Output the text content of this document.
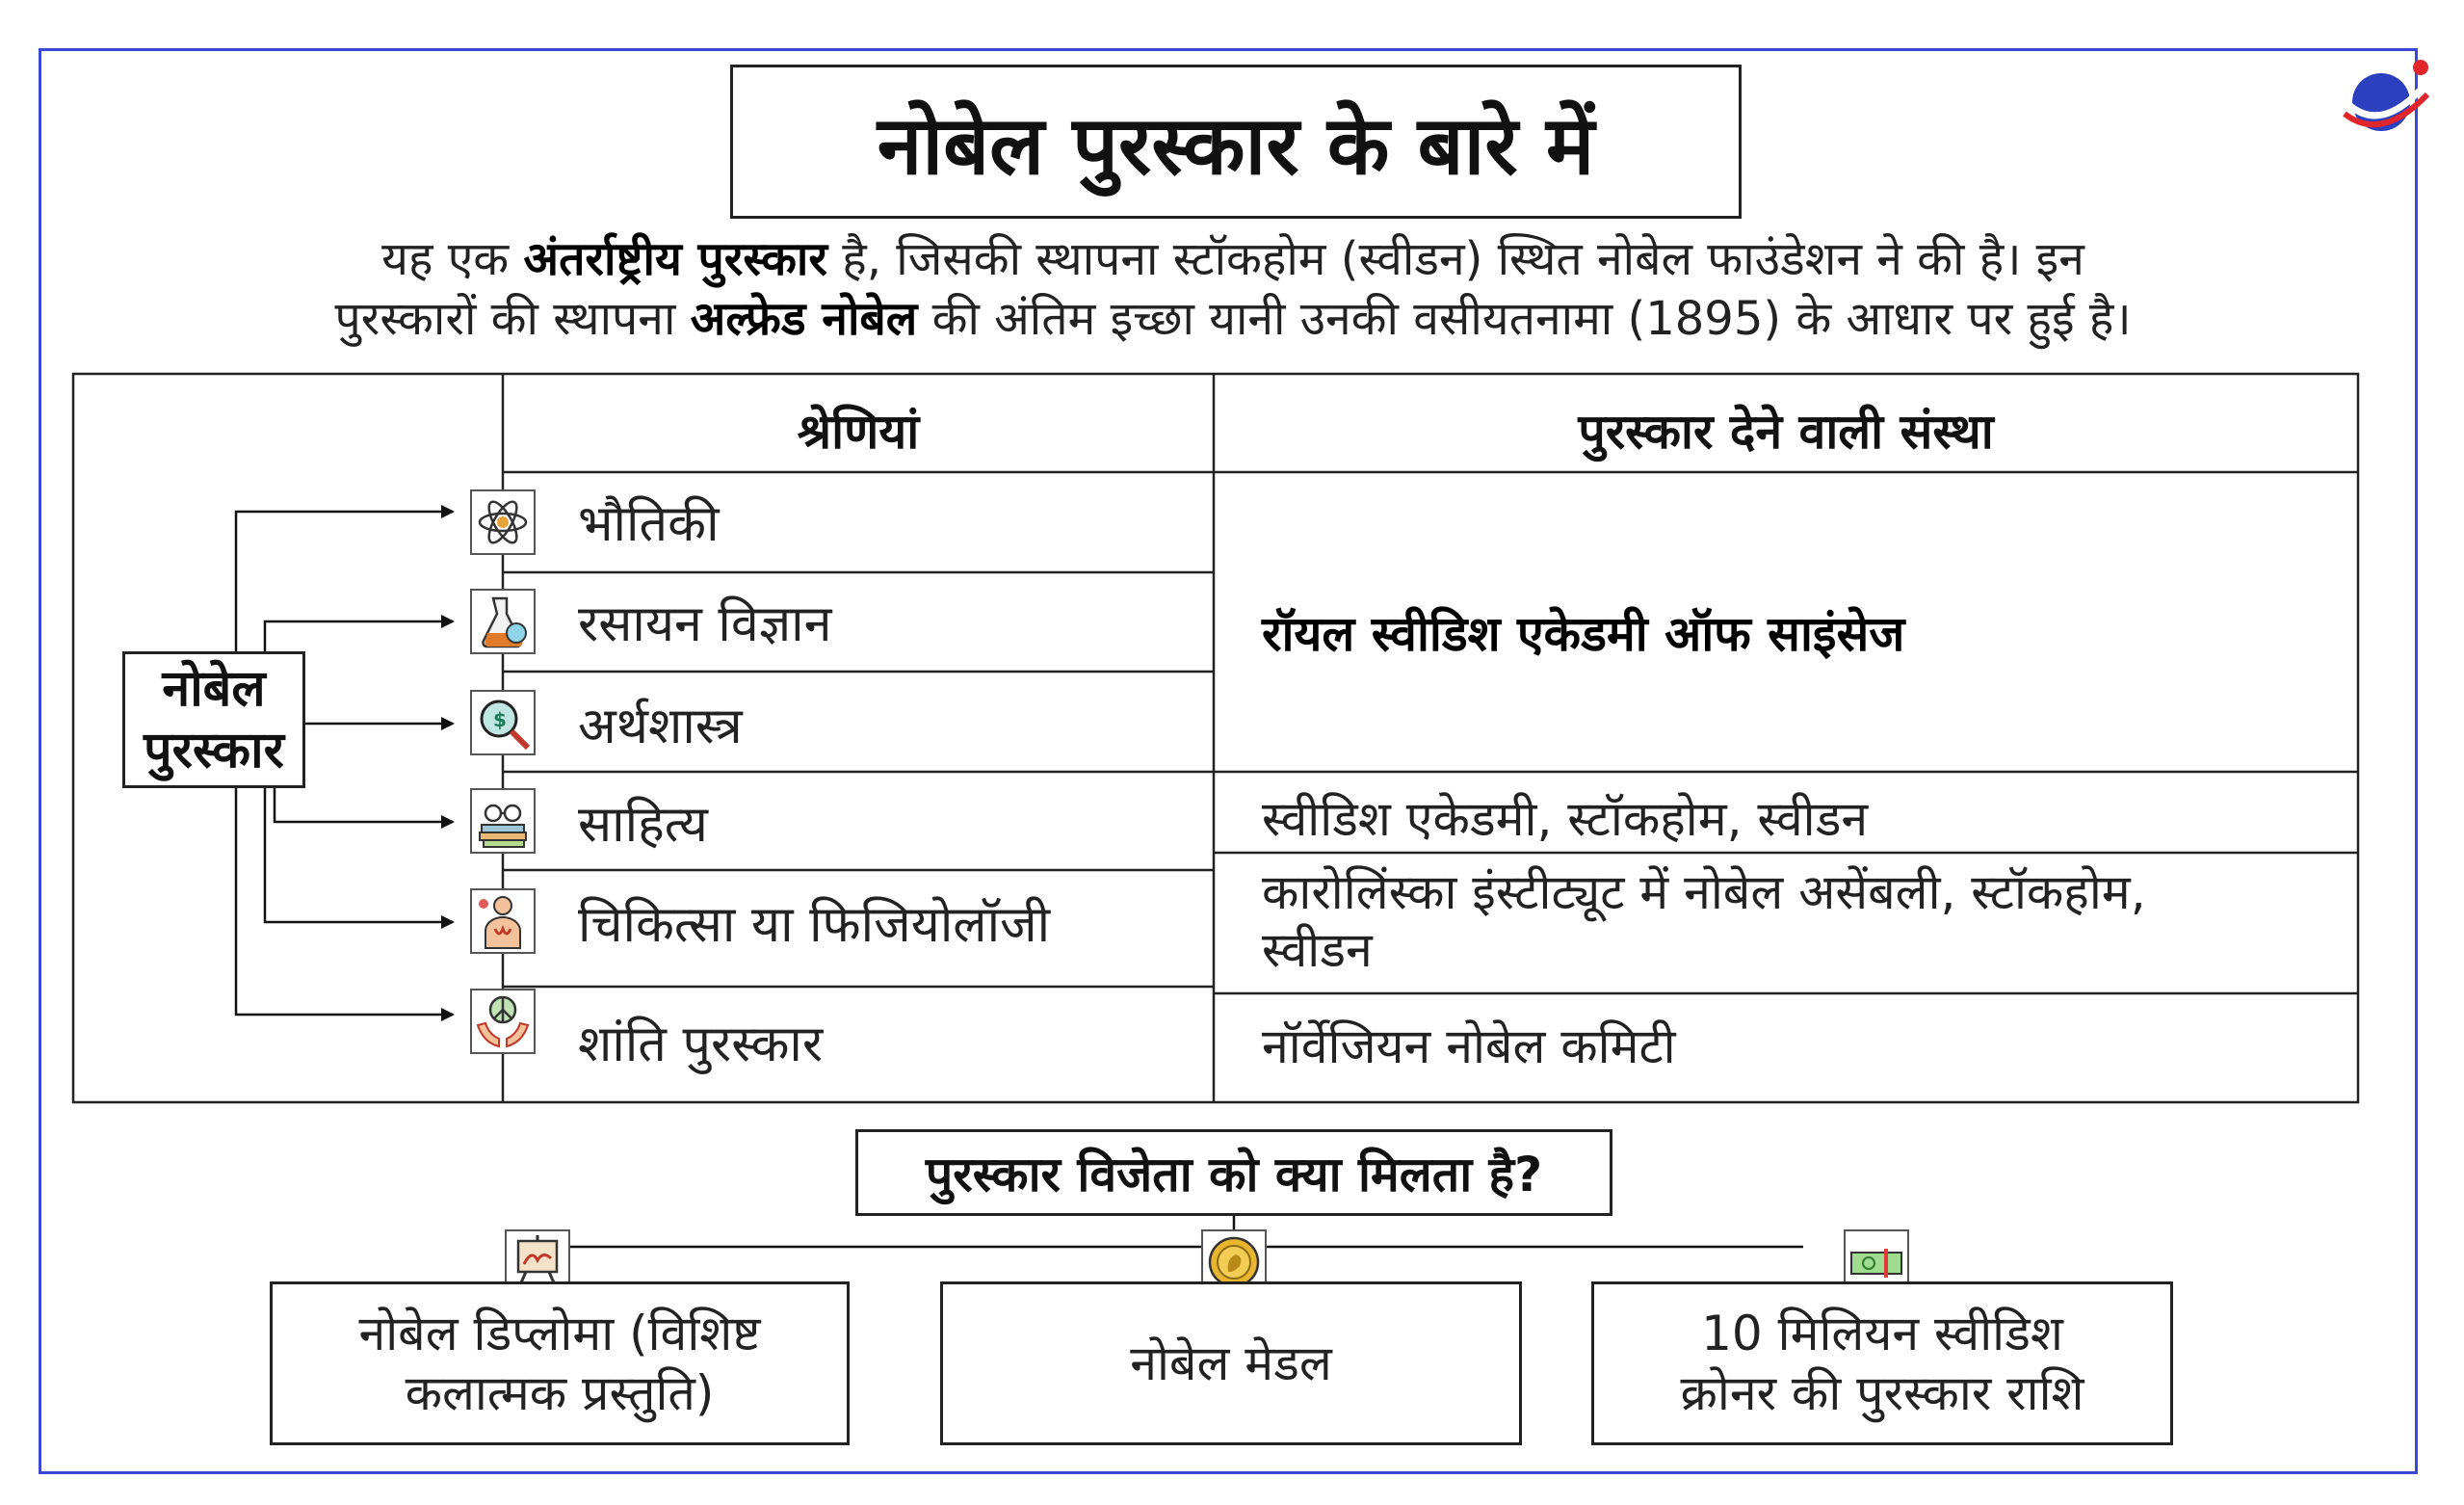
नोबेल पुरस्कार के बारे में
यह एक अंतर्राष्ट्रीय पुरस्कार है, जिसकी स्थापना स्टॉकहोम (स्वीडन) स्थित नोबेल फाउंडेशन ने की है। इन
पुरस्कारों की स्थापना अल्फ्रेड नोबेल की अंतिम इच्छा यानी उनकी वसीयतनामा (1895) के आधार पर हुई है।
श्रेणियां	पुरस्कार देने वाली संस्था
$
भौतिकी
रसायन विज्ञान
अर्थशास्त्र
साहित्य
चिकित्सा या फिजियोलॉजी
शांति पुरस्कार
रॉयल स्वीडिश एकेडमी ऑफ साइंसेज
स्वीडिश एकेडमी, स्टॉकहोम, स्वीडन
कारोलिंस्का इंस्टीट्यूट में नोबेल असेंबली, स्टॉकहोम,
स्वीडन
नॉर्वेजियन नोबेल कमिटी
नोबेल
पुरस्कार
पुरस्कार विजेता को क्या मिलता है?
नोबेल डिप्लोमा (विशिष्ट
कलात्मक प्रस्तुति)
नोबेल मेडल
10 मिलियन स्वीडिश
क्रोनर की पुरस्कार राशि
